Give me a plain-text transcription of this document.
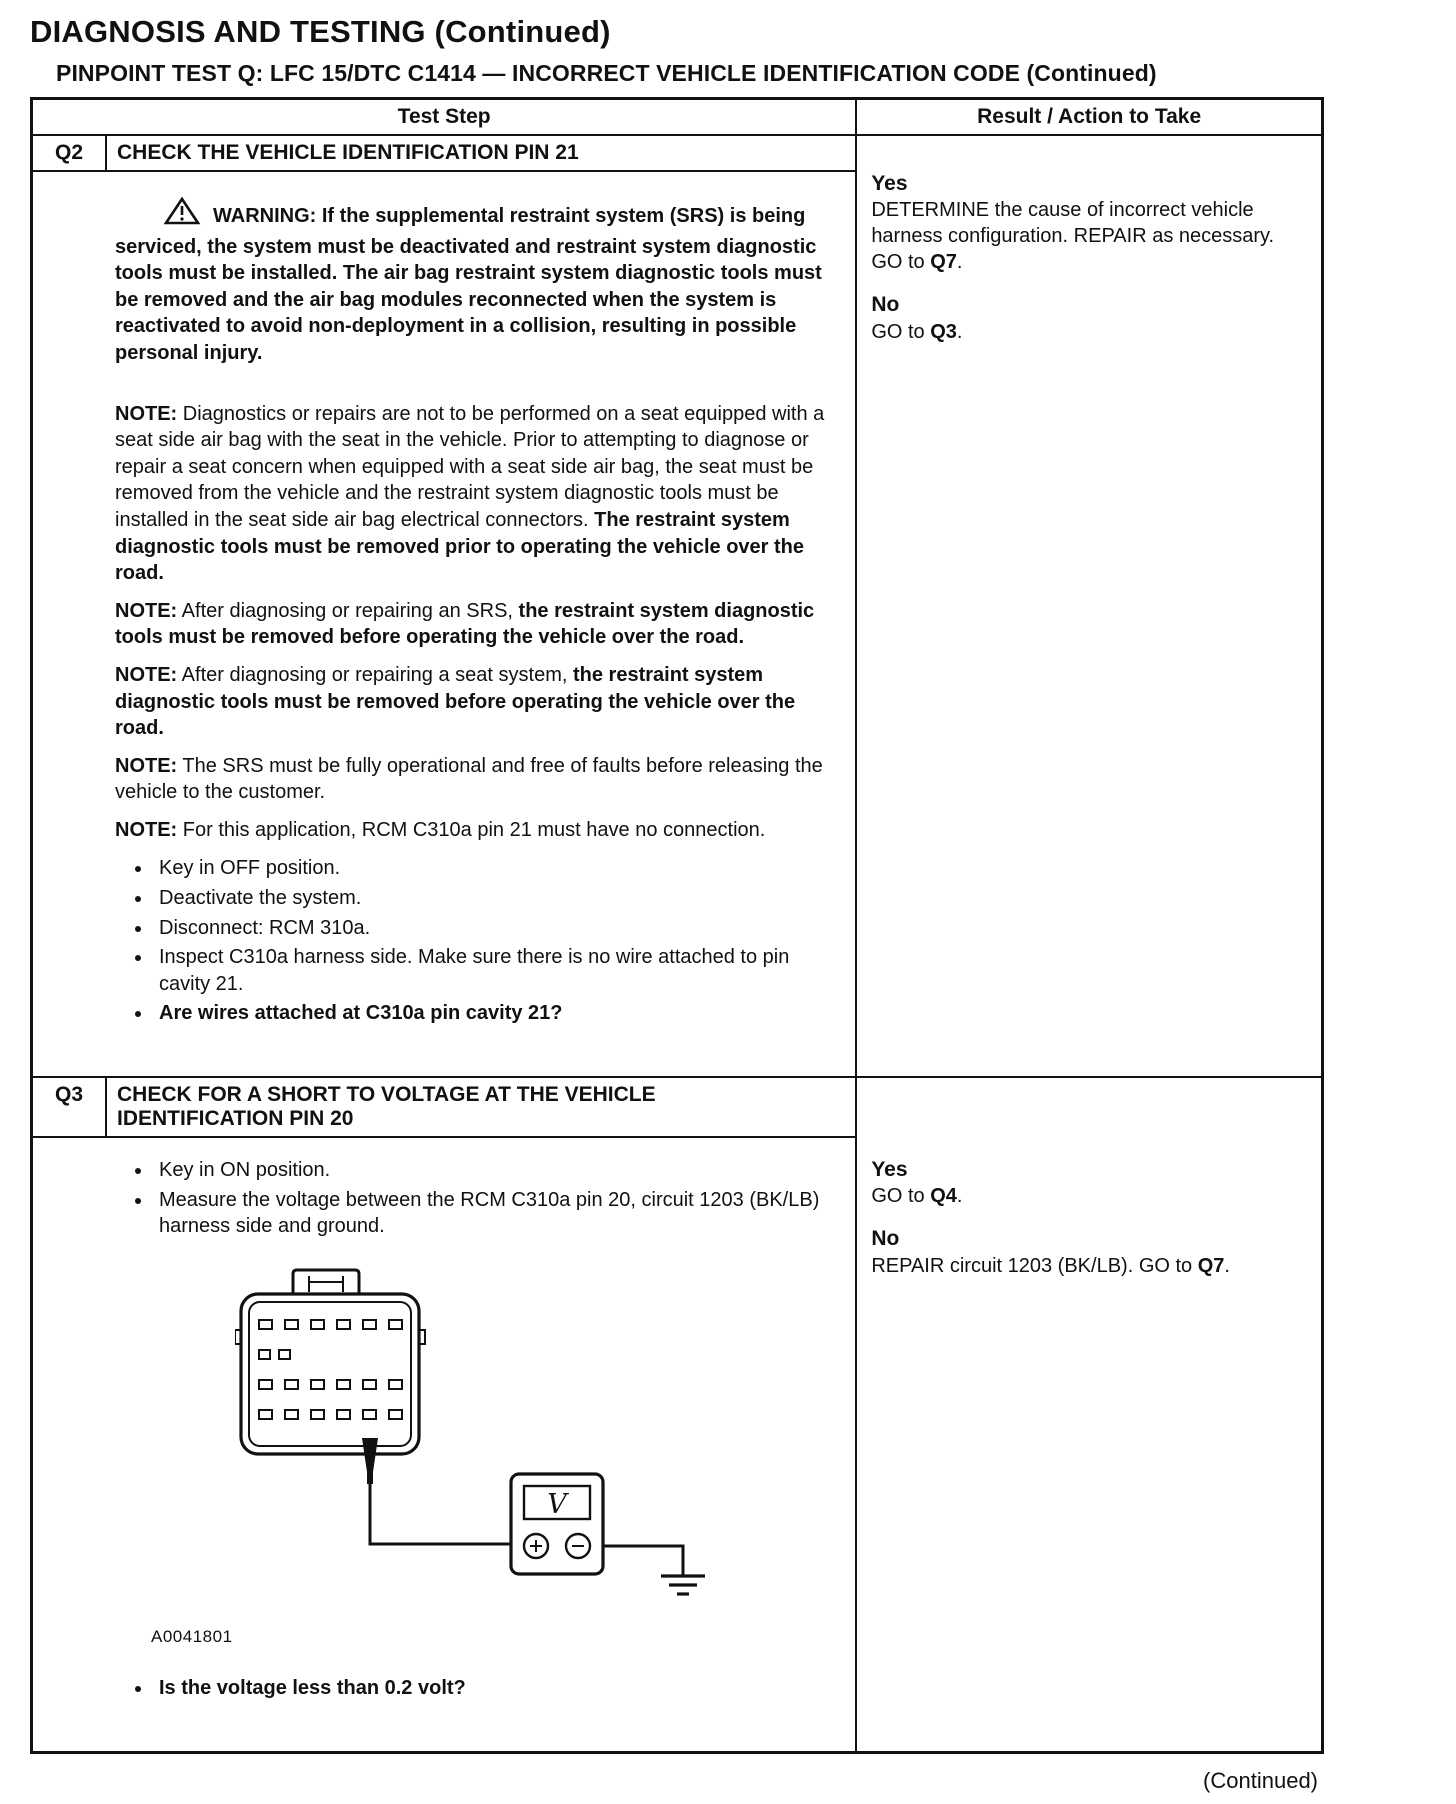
DIAGNOSIS AND TESTING (Continued)
PINPOINT TEST Q: LFC 15/DTC C1414 — INCORRECT VEHICLE IDENTIFICATION CODE (Continued)
Test Step	Result / Action to Take
Q2	CHECK THE VEHICLE IDENTIFICATION PIN 21

WARNING: If the supplemental restraint system (SRS) is being serviced, the system must be deactivated and restraint system diagnostic tools must be installed. The air bag restraint system diagnostic tools must be removed and the air bag modules reconnected when the system is reactivated to avoid non-deployment in a collision, resulting in possible personal injury.

NOTE: Diagnostics or repairs are not to be performed on a seat equipped with a seat side air bag with the seat in the vehicle. Prior to attempting to diagnose or repair a seat concern when equipped with a seat side air bag, the seat must be removed from the vehicle and the restraint system diagnostic tools must be installed in the seat side air bag electrical connectors. The restraint system diagnostic tools must be removed prior to operating the vehicle over the road.

NOTE: After diagnosing or repairing an SRS, the restraint system diagnostic tools must be removed before operating the vehicle over the road.

NOTE: After diagnosing or repairing a seat system, the restraint system diagnostic tools must be removed before operating the vehicle over the road.

NOTE: The SRS must be fully operational and free of faults before releasing the vehicle to the customer.

NOTE: For this application, RCM C310a pin 21 must have no connection.

• Key in OFF position.
• Deactivate the system.
• Disconnect: RCM 310a.
• Inspect C310a harness side. Make sure there is no wire attached to pin cavity 21.
• Are wires attached at C310a pin cavity 21?

Yes

DETERMINE the cause of incorrect vehicle harness configuration. REPAIR as necessary. GO to Q7.

No

GO to Q3.

Q3	CHECK FOR A SHORT TO VOLTAGE AT THE VEHICLE IDENTIFICATION PIN 20
• Key in ON position.
• Measure the voltage between the RCM C310a pin 20, circuit 1203 (BK/LB) harness side and ground.
V
A0041801
• Is the voltage less than 0.2 volt?

Yes

GO to Q4.

No

REPAIR circuit 1203 (BK/LB). GO to Q7.

(Continued)
